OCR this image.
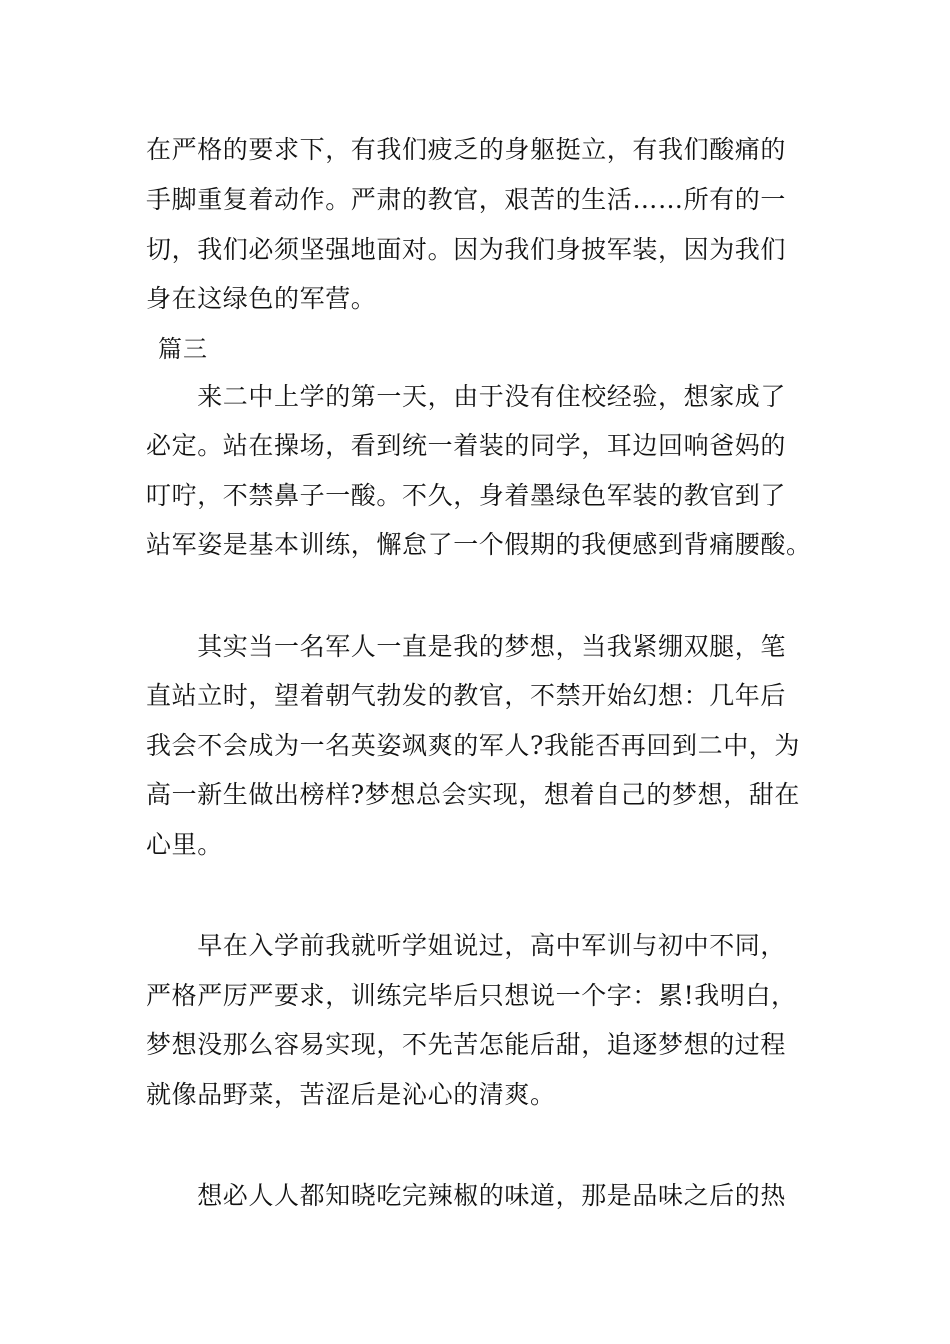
在严格的要求下，有我们疲乏的身躯挺立，有我们酸痛的
手脚重复着动作。严肃的教官，艰苦的生活……所有的一
切，我们必须坚强地面对。因为我们身披军装，因为我们
身在这绿色的军营。
篇三
　　来二中上学的第一天，由于没有住校经验，想家成了
必定。站在操场，看到统一着装的同学，耳边回响爸妈的
叮咛，不禁鼻子一酸。不久，身着墨绿色军装的教官到了
站军姿是基本训练，懈怠了一个假期的我便感到背痛腰酸。
　　其实当一名军人一直是我的梦想，当我紧绷双腿，笔
直站立时，望着朝气勃发的教官，不禁开始幻想：几年后
我会不会成为一名英姿飒爽的军人?我能否再回到二中，为
高一新生做出榜样?梦想总会实现，想着自己的梦想，甜在
心里。
　　早在入学前我就听学姐说过，高中军训与初中不同，
严格严厉严要求，训练完毕后只想说一个字：累!我明白，
梦想没那么容易实现，不先苦怎能后甜，追逐梦想的过程
就像品野菜，苦涩后是沁心的清爽。
　　想必人人都知晓吃完辣椒的味道，那是品味之后的热
